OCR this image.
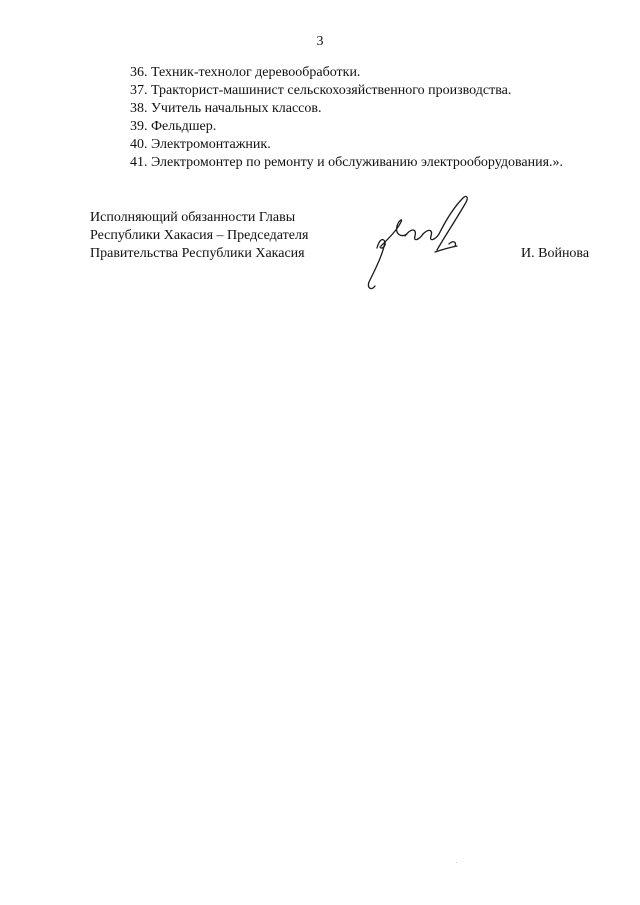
3
36. Техник-технолог деревообработки.
37. Тракторист-машинист сельскохозяйственного производства.
38. Учитель начальных классов.
39. Фельдшер.
40. Электромонтажник.
41. Электромонтер по ремонту и обслуживанию электрооборудования.».
Исполняющий обязанности Главы
Республики Хакасия – Председателя
Правительства Республики Хакасия	И. Войнова
